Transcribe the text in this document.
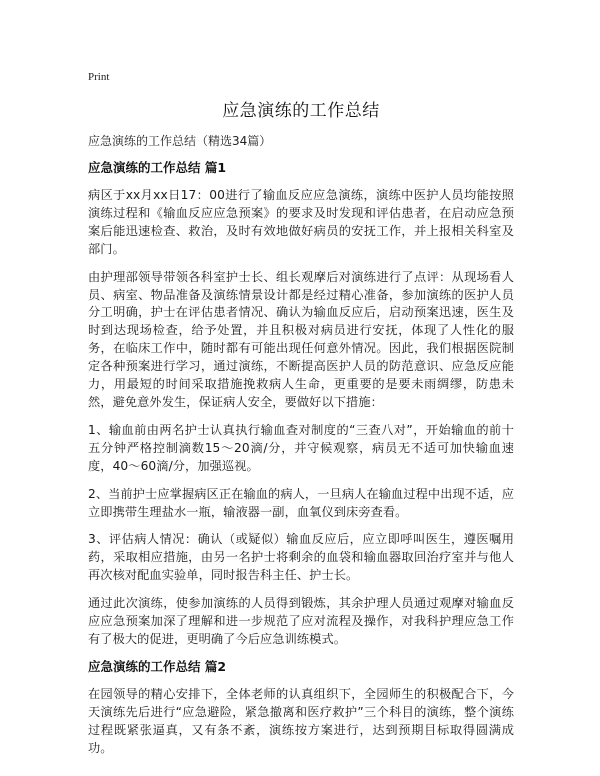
Print

应急演练的工作总结

应急演练的工作总结（精选34篇）

应急演练的工作总结 篇1

病区于xx月xx日17：00进行了输血反应应急演练，演练中医护人员均能按照演练过程和《输血反应应急预案》的要求及时发现和评估患者，在启动应急预案后能迅速检查、救治，及时有效地做好病员的安抚工作，并上报相关科室及部门。

由护理部领导带领各科室护士长、组长观摩后对演练进行了点评：从现场看人员、病室、物品准备及演练情景设计都是经过精心准备，参加演练的医护人员分工明确，护士在评估患者情况、确认为输血反应后，启动预案迅速，医生及时到达现场检查，给予处置，并且积极对病员进行安抚，体现了人性化的服务，在临床工作中，随时都有可能出现任何意外情况。因此，我们根据医院制定各种预案进行学习，通过演练，不断提高医护人员的防范意识、应急反应能力，用最短的时间采取措施挽救病人生命，更重要的是要未雨绸缪，防患未然，避免意外发生，保证病人安全，要做好以下措施：

1、输血前由两名护士认真执行输血查对制度的“三查八对”，开始输血的前十五分钟严格控制滴数15～20滴/分，并守候观察，病员无不适可加快输血速度，40～60滴/分，加强巡视。

2、当前护士应掌握病区正在输血的病人，一旦病人在输血过程中出现不适，应立即携带生理盐水一瓶，输液器一副，血氧仪到床旁查看。

3、评估病人情况：确认（或疑似）输血反应后，应立即呼叫医生，遵医嘱用药，采取相应措施，由另一名护士将剩余的血袋和输血器取回治疗室并与他人再次核对配血实验单，同时报告科主任、护士长。

通过此次演练，使参加演练的人员得到锻炼，其余护理人员通过观摩对输血反应应急预案加深了理解和进一步规范了应对流程及操作，对我科护理应急工作有了极大的促进，更明确了今后应急训练模式。

应急演练的工作总结 篇2

在园领导的精心安排下，全体老师的认真组织下，全园师生的积极配合下，今天演练先后进行“应急避险，紧急撤离和医疗救护”三个科目的演练，整个演练过程既紧张逼真，又有条不紊，演练按方案进行，达到预期目标取得圆满成功。
